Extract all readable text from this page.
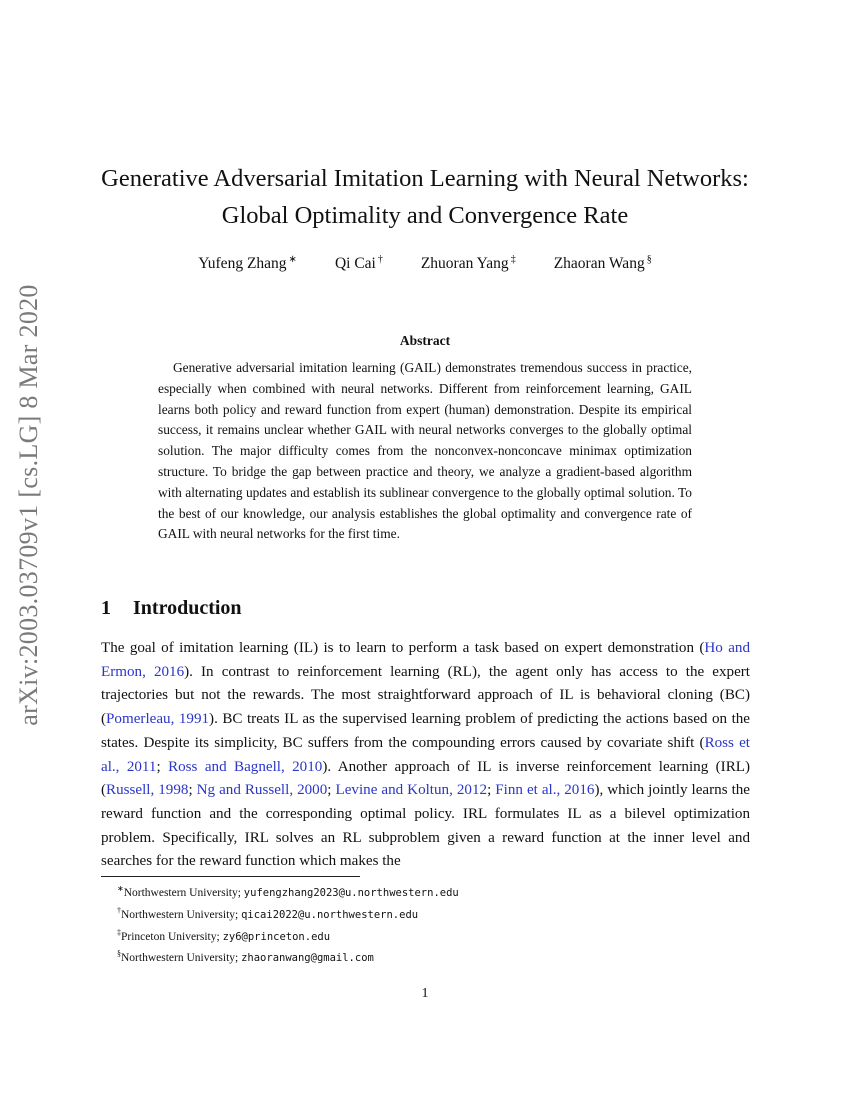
arXiv:2003.03709v1 [cs.LG] 8 Mar 2020
Generative Adversarial Imitation Learning with Neural Networks:
Global Optimality and Convergence Rate
Yufeng Zhang ∗ Qi Cai † Zhuoran Yang ‡ Zhaoran Wang §
Abstract

Generative adversarial imitation learning (GAIL) demonstrates tremendous success in practice, especially when combined with neural networks. Different from reinforcement learning, GAIL learns both policy and reward function from expert (human) demonstration. Despite its empirical success, it remains unclear whether GAIL with neural networks converges to the globally optimal solution. The major difficulty comes from the nonconvex-nonconcave minimax optimization structure. To bridge the gap between practice and theory, we analyze a gradient-based algorithm with alternating updates and establish its sublinear convergence to the globally optimal solution. To the best of our knowledge, our analysis establishes the global optimality and convergence rate of GAIL with neural networks for the first time.

1 Introduction

The goal of imitation learning (IL) is to learn to perform a task based on expert demonstration (Ho and Ermon, 2016). In contrast to reinforcement learning (RL), the agent only has access to the expert trajectories but not the rewards. The most straightforward approach of IL is behavioral cloning (BC) (Pomerleau, 1991). BC treats IL as the supervised learning problem of predicting the actions based on the states. Despite its simplicity, BC suffers from the compounding errors caused by covariate shift (Ross et al., 2011; Ross and Bagnell, 2010). Another approach of IL is inverse reinforcement learning (IRL) (Russell, 1998; Ng and Russell, 2000; Levine and Koltun, 2012; Finn et al., 2016), which jointly learns the reward function and the corresponding optimal policy. IRL formulates IL as a bilevel optimization problem. Specifically, IRL solves an RL subproblem given a reward function at the inner level and searches for the reward function which makes the

∗Northwestern University; yufengzhang2023@u.northwestern.edu
†Northwestern University; qicai2022@u.northwestern.edu
‡Princeton University; zy6@princeton.edu
§Northwestern University; zhaoranwang@gmail.com
1
